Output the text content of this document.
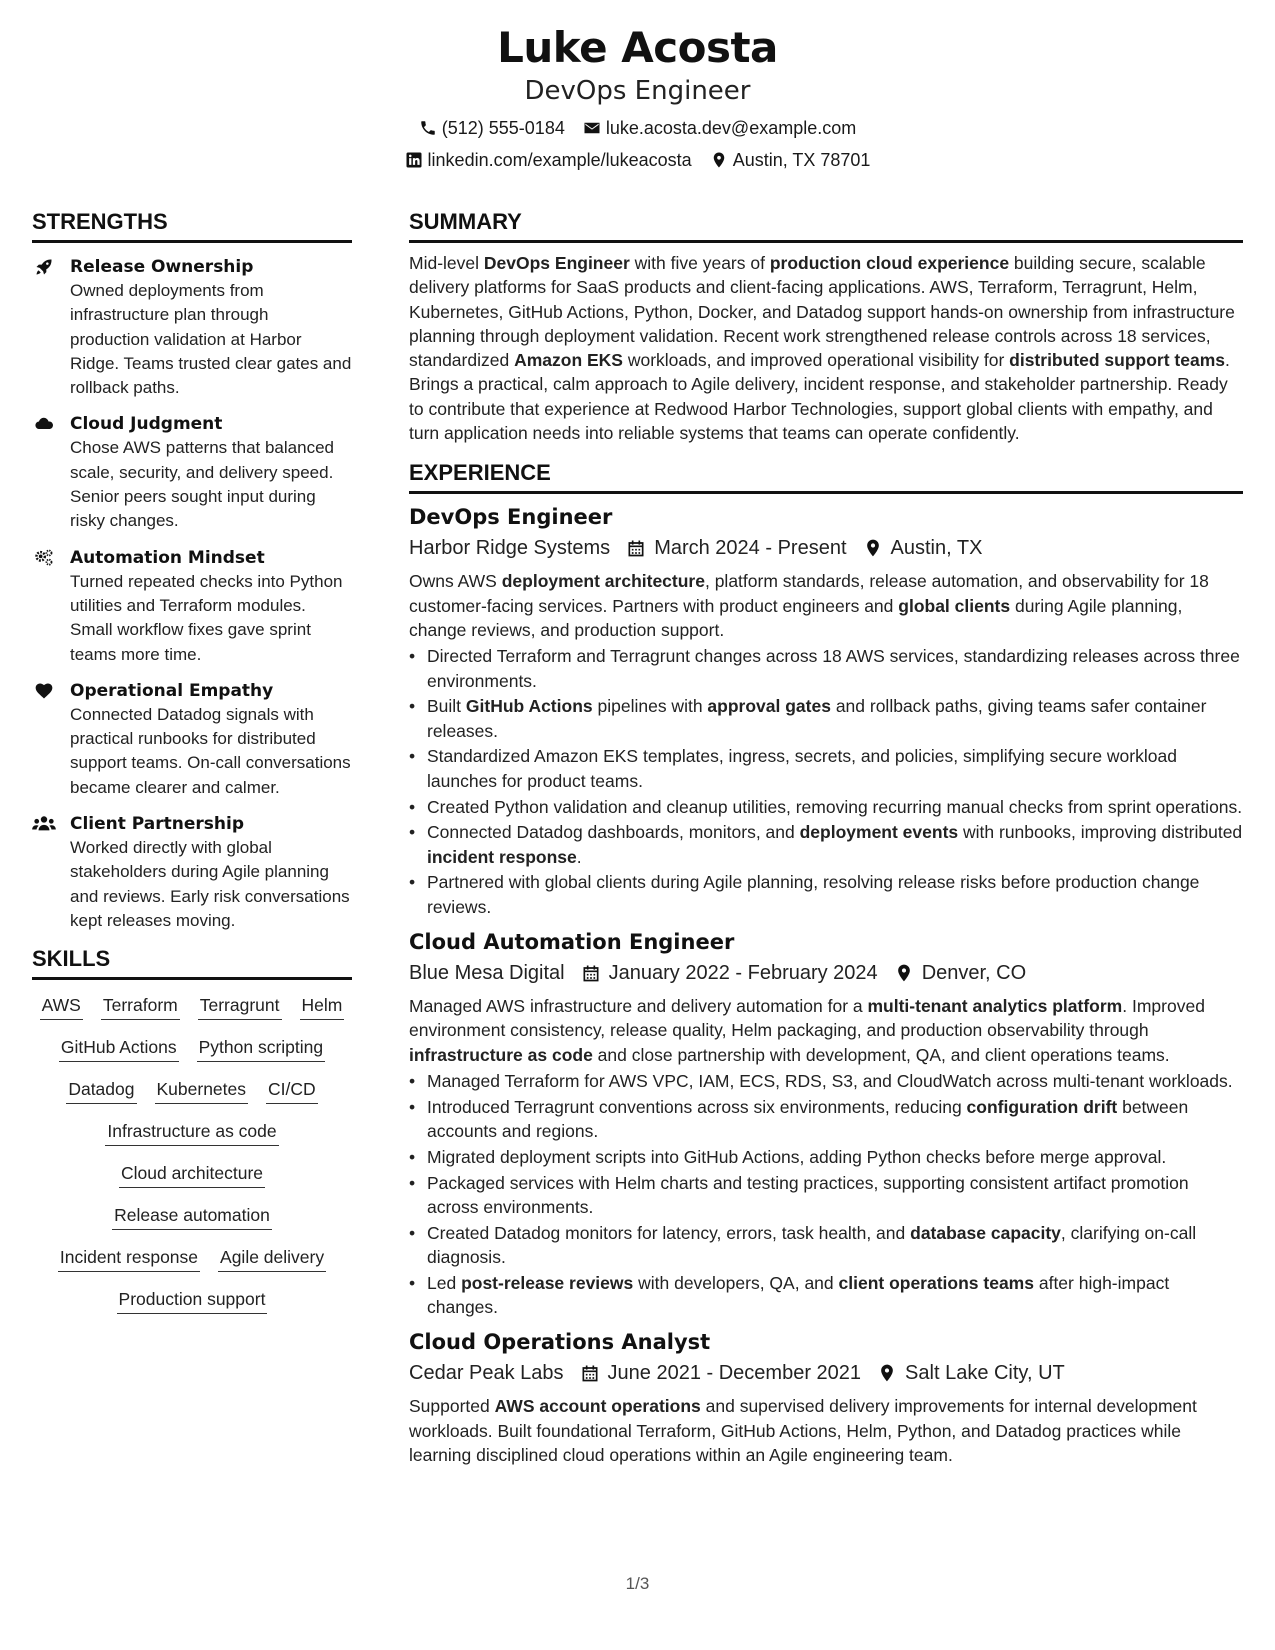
Luke Acosta
DevOps Engineer
(512) 555-0184 luke.acosta.dev@example.com
linkedin.com/example/lukeacosta Austin, TX 78701
STRENGTHS
Release Ownership
Owned deployments from infrastructure plan through production validation at Harbor Ridge. Teams trusted clear gates and rollback paths.
Cloud Judgment
Chose AWS patterns that balanced scale, security, and delivery speed. Senior peers sought input during risky changes.
Automation Mindset
Turned repeated checks into Python utilities and Terraform modules. Small workflow fixes gave sprint teams more time.
Operational Empathy
Connected Datadog signals with practical runbooks for distributed support teams. On-call conversations became clearer and calmer.
Client Partnership
Worked directly with global stakeholders during Agile planning and reviews. Early risk conversations kept releases moving.
SKILLS
AWS Terraform Terragrunt Helm
GitHub Actions Python scripting
Datadog Kubernetes CI/CD
Infrastructure as code
Cloud architecture
Release automation
Incident response Agile delivery
Production support
SUMMARY
Mid-level DevOps Engineer with five years of production cloud experience building secure, scalable delivery platforms for SaaS products and client-facing applications. AWS, Terraform, Terragrunt, Helm, Kubernetes, GitHub Actions, Python, Docker, and Datadog support hands-on ownership from infrastructure planning through deployment validation. Recent work strengthened release controls across 18 services, standardized Amazon EKS workloads, and improved operational visibility for distributed support teams. Brings a practical, calm approach to Agile delivery, incident response, and stakeholder partnership. Ready to contribute that experience at Redwood Harbor Technologies, support global clients with empathy, and turn application needs into reliable systems that teams can operate confidently.
EXPERIENCE
DevOps Engineer
Harbor Ridge Systems March 2024 - Present Austin, TX
Owns AWS deployment architecture, platform standards, release automation, and observability for 18 customer-facing services. Partners with product engineers and global clients during Agile planning, change reviews, and production support.
• Directed Terraform and Terragrunt changes across 18 AWS services, standardizing releases across three environments.
• Built GitHub Actions pipelines with approval gates and rollback paths, giving teams safer container releases.
• Standardized Amazon EKS templates, ingress, secrets, and policies, simplifying secure workload launches for product teams.
• Created Python validation and cleanup utilities, removing recurring manual checks from sprint operations.
• Connected Datadog dashboards, monitors, and deployment events with runbooks, improving distributed incident response.
• Partnered with global clients during Agile planning, resolving release risks before production change reviews.
Cloud Automation Engineer
Blue Mesa Digital January 2022 - February 2024 Denver, CO
Managed AWS infrastructure and delivery automation for a multi-tenant analytics platform. Improved environment consistency, release quality, Helm packaging, and production observability through infrastructure as code and close partnership with development, QA, and client operations teams.
• Managed Terraform for AWS VPC, IAM, ECS, RDS, S3, and CloudWatch across multi-tenant workloads.
• Introduced Terragrunt conventions across six environments, reducing configuration drift between accounts and regions.
• Migrated deployment scripts into GitHub Actions, adding Python checks before merge approval.
• Packaged services with Helm charts and testing practices, supporting consistent artifact promotion across environments.
• Created Datadog monitors for latency, errors, task health, and database capacity, clarifying on-call diagnosis.
• Led post-release reviews with developers, QA, and client operations teams after high-impact changes.
Cloud Operations Analyst
Cedar Peak Labs June 2021 - December 2021 Salt Lake City, UT
Supported AWS account operations and supervised delivery improvements for internal development workloads. Built foundational Terraform, GitHub Actions, Helm, Python, and Datadog practices while learning disciplined cloud operations within an Agile engineering team.
1/3
